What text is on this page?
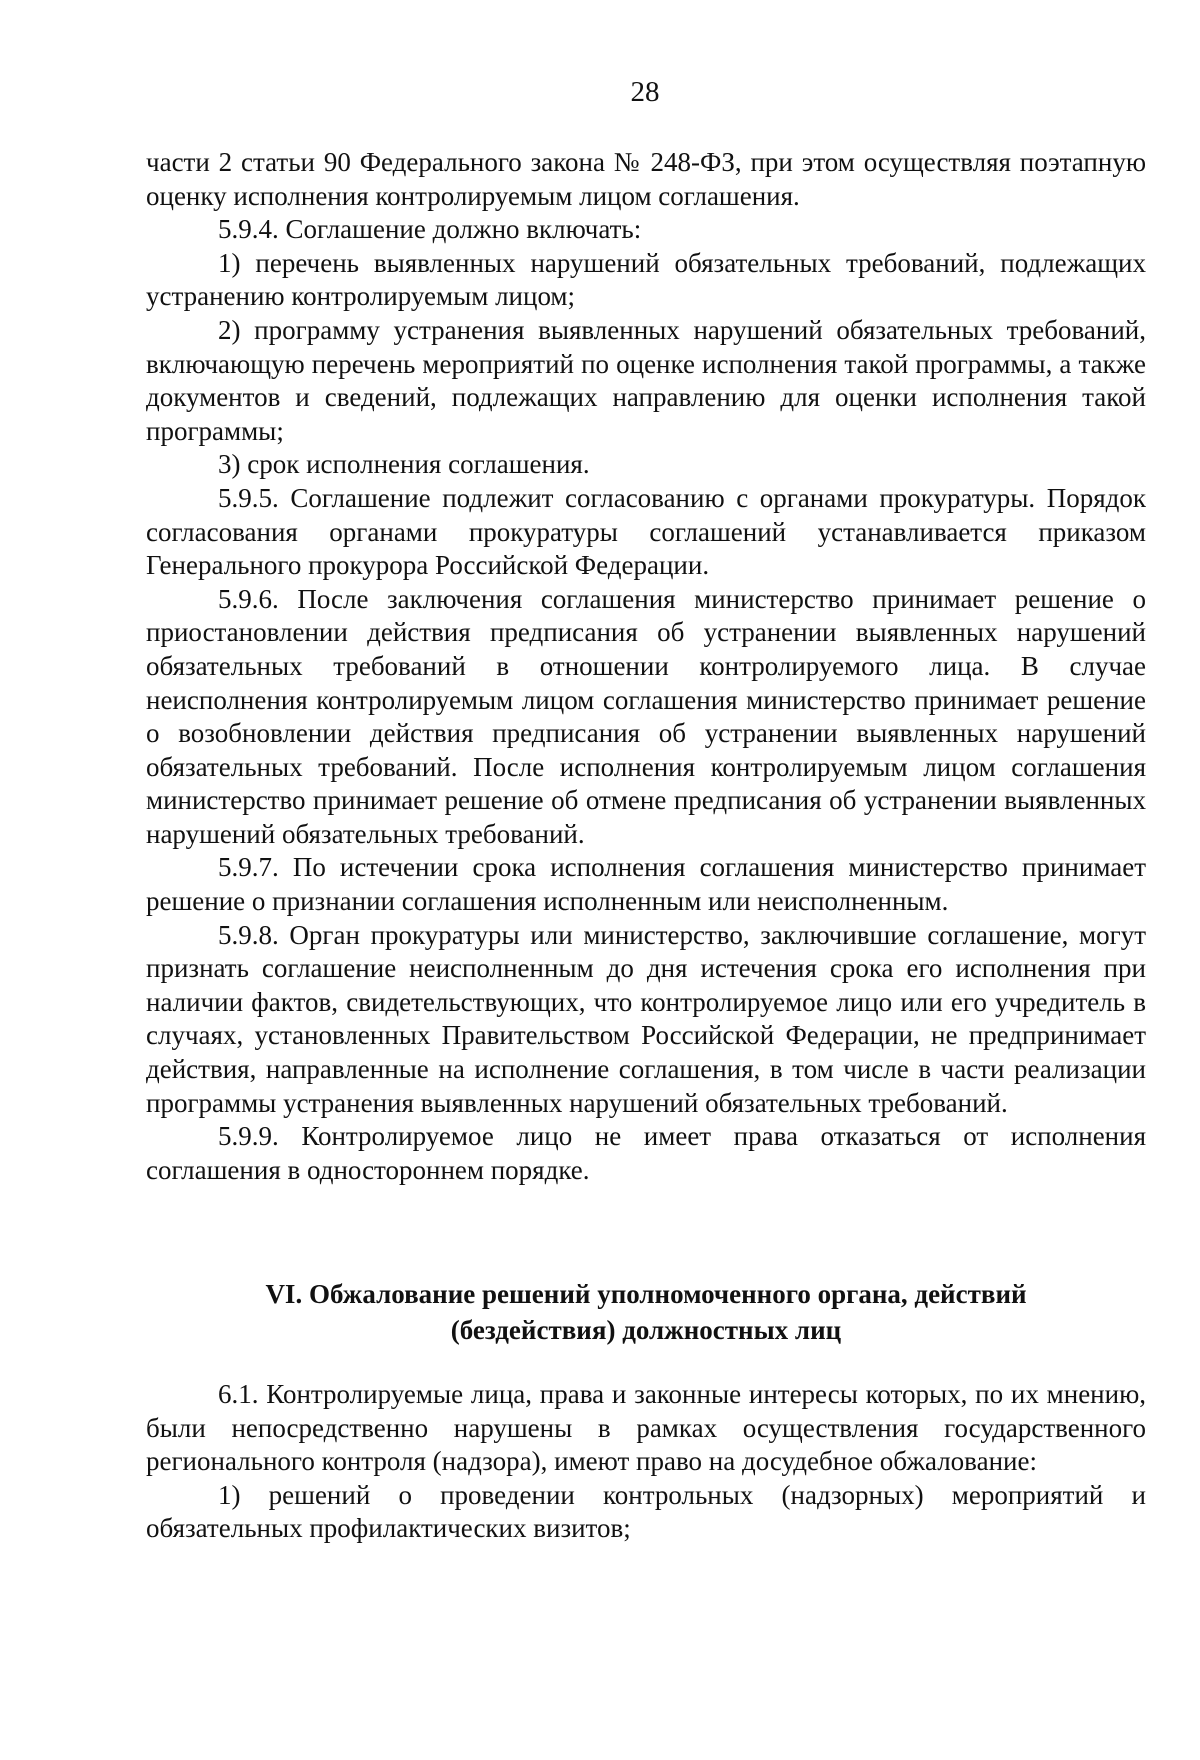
28

части 2 статьи 90 Федерального закона № 248-ФЗ, при этом осуществляя поэтапную оценку исполнения контролируемым лицом соглашения.

5.9.4. Соглашение должно включать:

1) перечень выявленных нарушений обязательных требований, подлежащих устранению контролируемым лицом;

2) программу устранения выявленных нарушений обязательных требований, включающую перечень мероприятий по оценке исполнения такой программы, а также документов и сведений, подлежащих направлению для оценки исполнения такой программы;

3) срок исполнения соглашения.

5.9.5. Соглашение подлежит согласованию с органами прокуратуры. Порядок согласования органами прокуратуры соглашений устанавливается приказом Генерального прокурора Российской Федерации.

5.9.6. После заключения соглашения министерство принимает решение о приостановлении действия предписания об устранении выявленных нарушений обязательных требований в отношении контролируемого лица. В случае неисполнения контролируемым лицом соглашения министерство принимает решение о возобновлении действия предписания об устранении выявленных нарушений обязательных требований. После исполнения контролируемым лицом соглашения министерство принимает решение об отмене предписания об устранении выявленных нарушений обязательных требований.

5.9.7. По истечении срока исполнения соглашения министерство принимает решение о признании соглашения исполненным или неисполненным.

5.9.8. Орган прокуратуры или министерство, заключившие соглашение, могут признать соглашение неисполненным до дня истечения срока его исполнения при наличии фактов, свидетельствующих, что контролируемое лицо или его учредитель в случаях, установленных Правительством Российской Федерации, не предпринимает действия, направленные на исполнение соглашения, в том числе в части реализации программы устранения выявленных нарушений обязательных требований.

5.9.9. Контролируемое лицо не имеет права отказаться от исполнения соглашения в одностороннем порядке.

VI. Обжалование решений уполномоченного органа, действий
(бездействия) должностных лиц

6.1. Контролируемые лица, права и законные интересы которых, по их мнению, были непосредственно нарушены в рамках осуществления государственного регионального контроля (надзора), имеют право на досудебное обжалование:

1) решений о проведении контрольных (надзорных) мероприятий и обязательных профилактических визитов;
